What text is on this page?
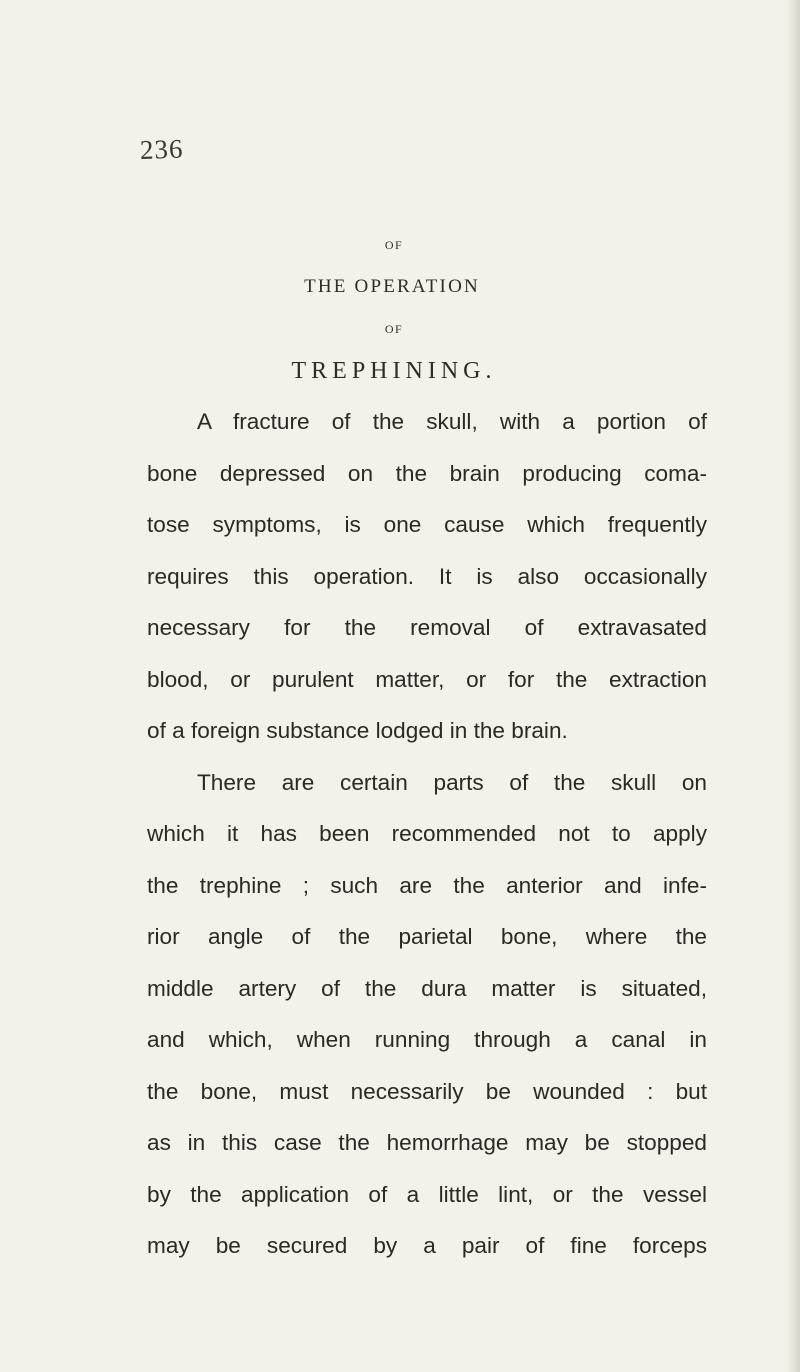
236
OF
THE OPERATION
OF
TREPHINING.
A fracture of the skull, with a portion of
bone depressed on the brain producing coma-
tose symptoms, is one cause which frequently
requires this operation. It is also occasionally
necessary for the removal of extravasated
blood, or purulent matter, or for the extraction
of a foreign substance lodged in the brain.
There are certain parts of the skull on
which it has been recommended not to apply
the trephine ; such are the anterior and infe-
rior angle of the parietal bone, where the
middle artery of the dura matter is situated,
and which, when running through a canal in
the bone, must necessarily be wounded : but
as in this case the hemorrhage may be stopped
by the application of a little lint, or the vessel
may be secured by a pair of fine forceps
